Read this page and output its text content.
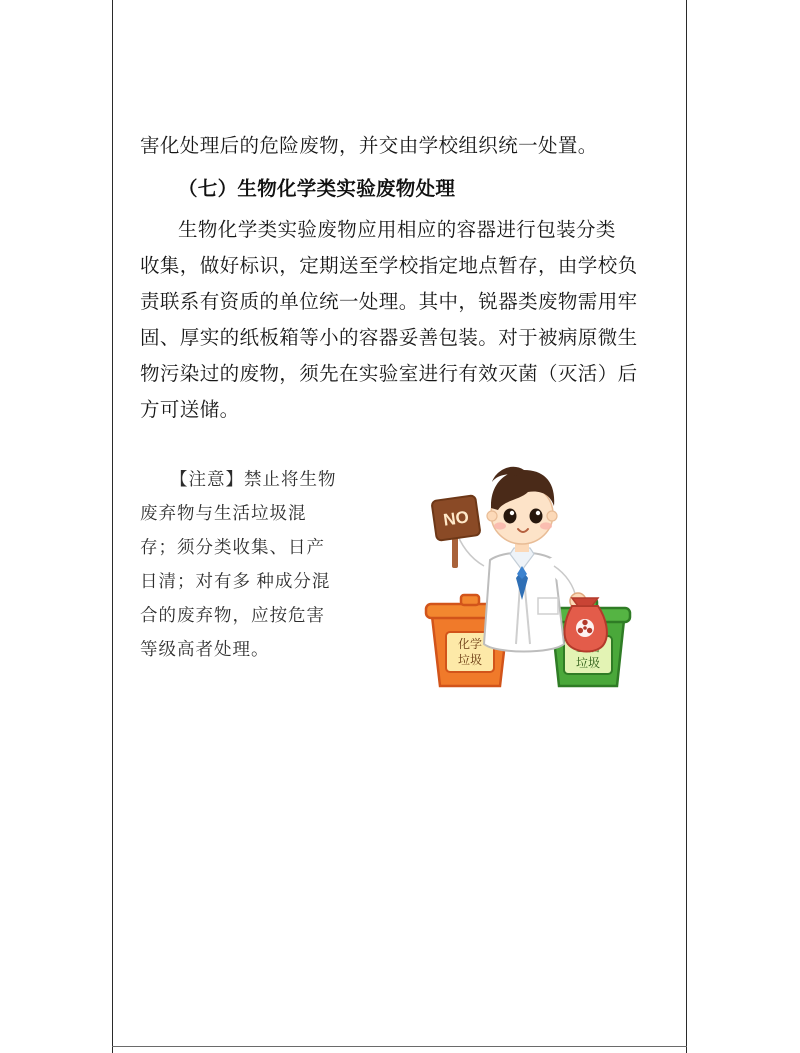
害化处理后的危险废物，并交由学校组织统一处置。
（七）生物化学类实验废物处理
生物化学类实验废物应用相应的容器进行包装分类
收集，做好标识，定期送至学校指定地点暂存，由学校负
责联系有资质的单位统一处理。其中，锐器类废物需用牢
固、厚实的纸板箱等小的容器妥善包装。对于被病原微生
物污染过的废物，须先在实验室进行有效灭菌（灭活）后
方可送储。
【注意】禁止将生物
废弃物与生活垃圾混
存；须分类收集、日产
日清；对有多 种成分混
合的废弃物，应按危害
等级高者处理。	化学
垃圾	垃圾
NO
